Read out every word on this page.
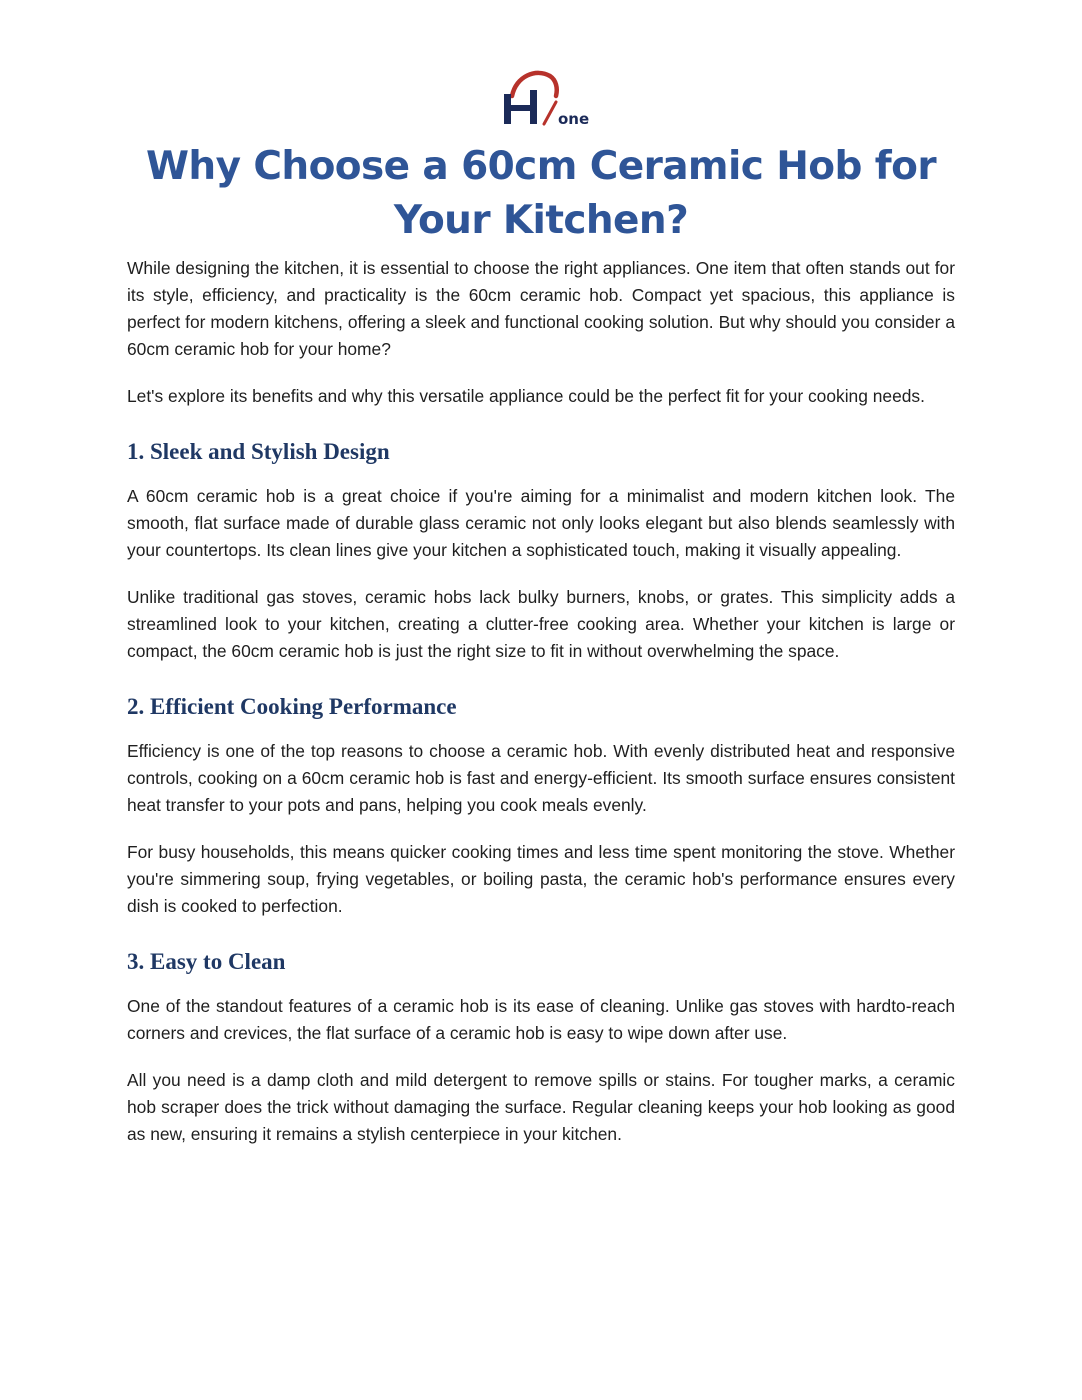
one
Why Choose a 60cm Ceramic Hob for Your Kitchen?

While designing the kitchen, it is essential to choose the right appliances. One item that often stands out for its style, efficiency, and practicality is the 60cm ceramic hob. Compact yet spacious, this appliance is perfect for modern kitchens, offering a sleek and functional cooking solution. But why should you consider a 60cm ceramic hob for your home?

Let's explore its benefits and why this versatile appliance could be the perfect fit for your cooking needs.

1. Sleek and Stylish Design

A 60cm ceramic hob is a great choice if you're aiming for a minimalist and modern kitchen look. The smooth, flat surface made of durable glass ceramic not only looks elegant but also blends seamlessly with your countertops. Its clean lines give your kitchen a sophisticated touch, making it visually appealing.

Unlike traditional gas stoves, ceramic hobs lack bulky burners, knobs, or grates. This simplicity adds a streamlined look to your kitchen, creating a clutter-free cooking area. Whether your kitchen is large or compact, the 60cm ceramic hob is just the right size to fit in without overwhelming the space.

2. Efficient Cooking Performance

Efficiency is one of the top reasons to choose a ceramic hob. With evenly distributed heat and responsive controls, cooking on a 60cm ceramic hob is fast and energy-efficient. Its smooth surface ensures consistent heat transfer to your pots and pans, helping you cook meals evenly.

For busy households, this means quicker cooking times and less time spent monitoring the stove. Whether you're simmering soup, frying vegetables, or boiling pasta, the ceramic hob's performance ensures every dish is cooked to perfection.

3. Easy to Clean

One of the standout features of a ceramic hob is its ease of cleaning. Unlike gas stoves with hardto-reach corners and crevices, the flat surface of a ceramic hob is easy to wipe down after use.

All you need is a damp cloth and mild detergent to remove spills or stains. For tougher marks, a ceramic hob scraper does the trick without damaging the surface. Regular cleaning keeps your hob looking as good as new, ensuring it remains a stylish centerpiece in your kitchen.
